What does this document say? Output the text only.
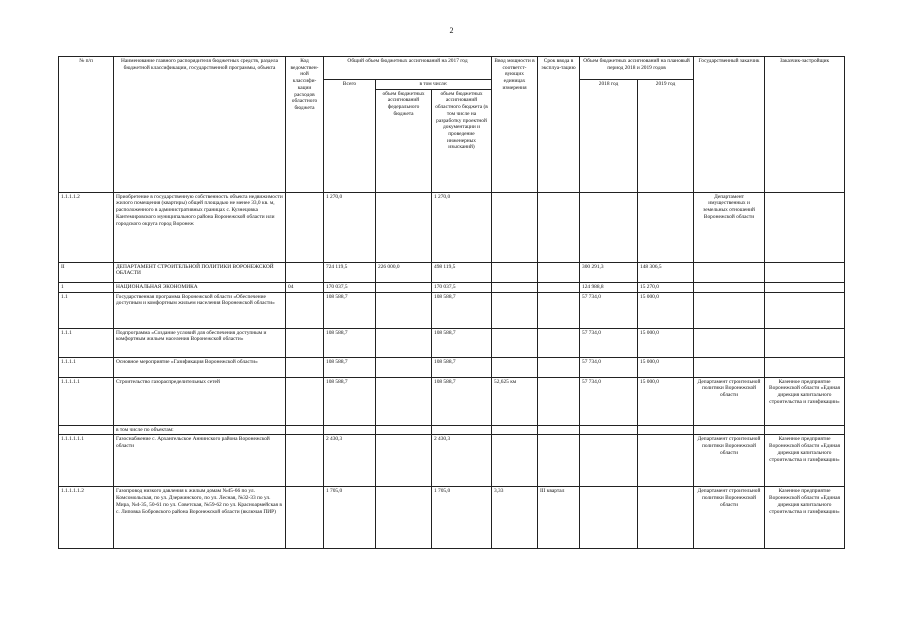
2
№ п/п	Наименование главного распорядителя бюджетных средств, раздела бюджетной классификации, государственной программы, объекта	Код ведомствен-ной классифи-кации расходов областного бюджета	Общий объем бюджетных ассигнований на 2017 год			Ввод мощности в соответст-вующих единицах измерения	Срок ввода в эксплуа-тацию	Объем бюджетных ассигнований на плановый период 2018 и 2019 годов		Государственный заказчик	Заказчик-застройщик
			Всего	в том числе:				2018 год	2019 год		
				объем бюджетных ассигнований федерального бюджета	объем бюджетных ассигнований областного бюджета (в том числе на разработку проектной документации и проведение инженерных изысканий)						
1.1.1.1.2	Приобретение в государственную собственность объекта недвижимости жилого помещения (квартиры) общей площадью не менее 33,0 кв. м, расположенного в административных границах с. Кузнецовка Кантемировского муниципального района Воронежской области или городского округа город Воронеж		1 270,0		1 270,0					Департамент имущественных и земельных отношений Воронежской области	
II	ДЕПАРТАМЕНТ СТРОИТЕЛЬНОЙ ПОЛИТИКИ ВОРОНЕЖСКОЙ ОБЛАСТИ		724 119,5	226 000,0	498 119,5			300 291,3	148 306,5		
1	НАЦИОНАЛЬНАЯ ЭКОНОМИКА	04	170 037,5		170 037,5			124 988,8	15 270,0		
1.1	Государственная программа Воронежской области «Обеспечение доступным и комфортным жильем населения Воронежской области»		108 588,7		108 588,7			57 734,0	15 000,0		
1.1.1	Подпрограмма «Создание условий для обеспечения доступным и комфортным жильем населения Воронежской области»		108 588,7		108 588,7			57 734,0	15 000,0		
1.1.1.1	Основное мероприятие «Газификация Воронежской области»		108 588,7		108 588,7			57 734,0	15 000,0		
1.1.1.1.1	Строительство газораспределительных сетей		108 588,7		108 588,7	52,625 км		57 734,0	15 000,0	Департамент строительной политики Воронежской области	Казенное предприятие Воронежской области «Единая дирекция капитального строительства и газификации»
	в том числе по объектам:										
1.1.1.1.1.1	Газоснабжение с. Архангельское Аннинского района Воронежской области		2 430,3		2 430,3					Департамент строительной политики Воронежской области	Казенное предприятие Воронежской области «Единая дирекция капитального строительства и газификации»
1.1.1.1.1.2	Газопровод низкого давления к жилым домам №45-66 по ул. Комсомольская, по ул. Дзержинского, по ул. Лесная, №32-33 по ул. Мира, №4-35, 50-61 по ул. Советская, №59-62 по ул. Красноармейская в с. Липовка Бобровского района Воронежской области (включая ПИР)		1 705,0		1 705,0	3,33	III квартал			Департамент строительной политики Воронежской области	Казенное предприятие Воронежской области «Единая дирекция капитального строительства и газификации»
